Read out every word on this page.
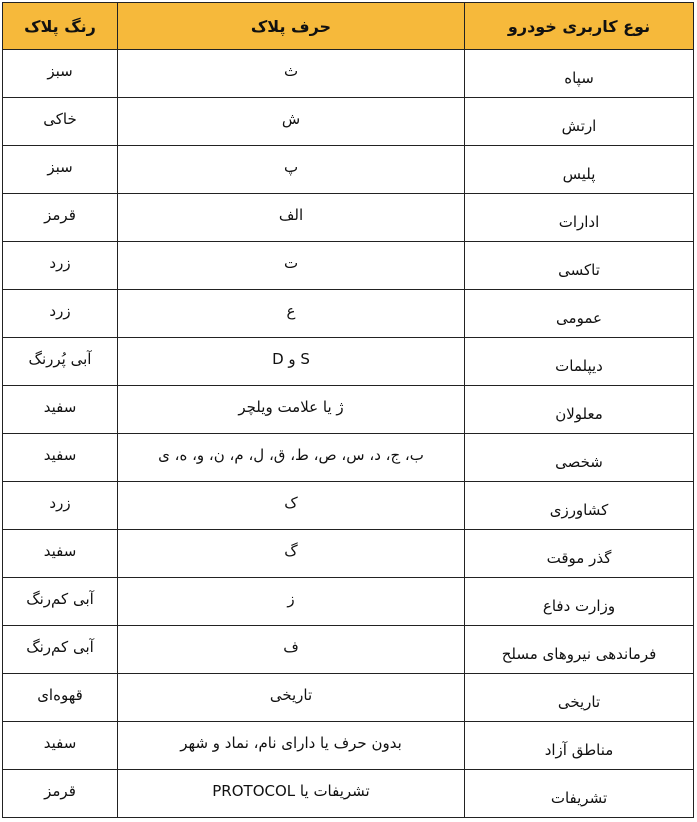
نوع کاربری خودرو	حرف پلاک	رنگ پلاک
سپاه	ث	سبز
ارتش	ش	خاکی
پلیس	پ	سبز
ادارات	الف	قرمز
تاکسی	ت	زرد
عمومی	ع	زرد
دیپلمات	S و D	آبی پُررنگ
معلولان	ژ یا علامت ویلچر	سفید
شخصی	ب، ج، د، س، ص، ط، ق، ل، م، ن، و، ه، ی	سفید
کشاورزی	ک	زرد
گذر موقت	گ	سفید
وزارت دفاع	ز	آبی کم‌رنگ
فرماندهی نیروهای مسلح	ف	آبی کم‌رنگ
تاریخی	تاریخی	قهوه‌ای
مناطق آزاد	بدون حرف یا دارای نام، نماد و شهر	سفید
تشریفات	تشریفات یا PROTOCOL	قرمز
